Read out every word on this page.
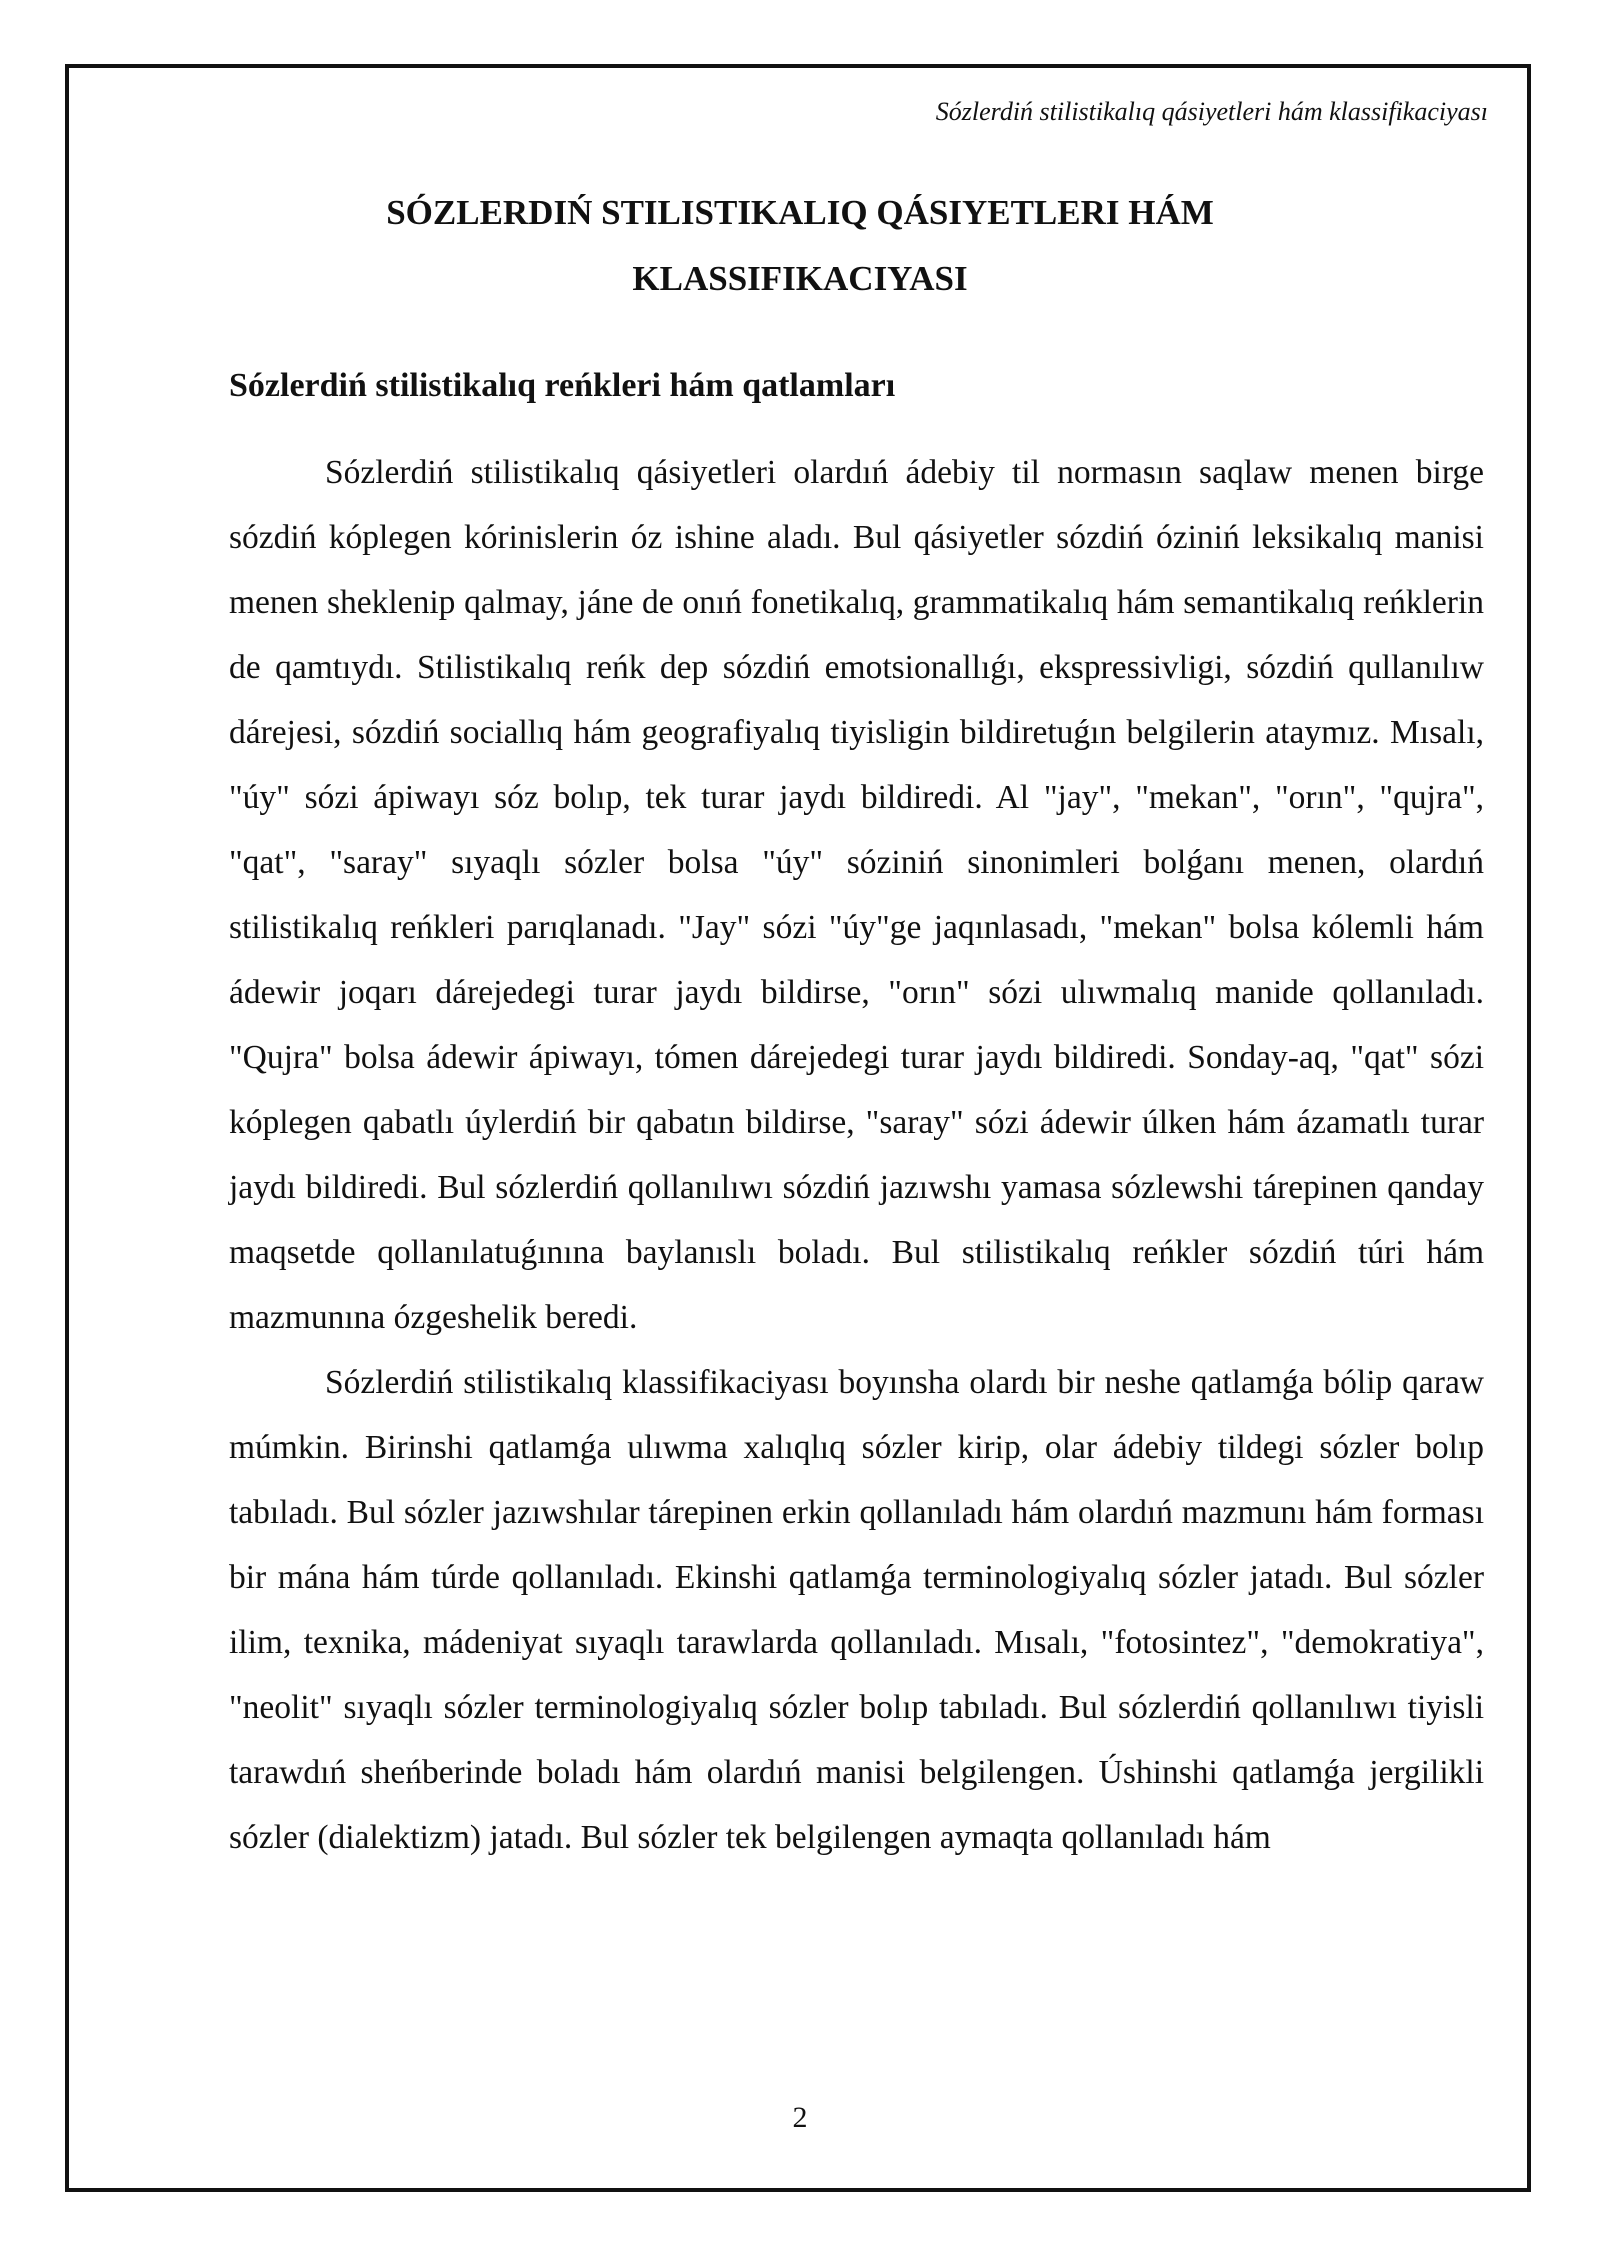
Sózlerdiń stilistikalıq qásiyetleri hám klassifikaciyası
SÓZLERDIŃ STILISTIKALIQ QÁSIYETLERI HÁM
KLASSIFIKACIYASI
Sózlerdiń stilistikalıq reńkleri hám qatlamları

Sózlerdiń stilistikalıq qásiyetleri olardıń ádebiy til normasın saqlaw menen birge sózdiń kóplegen kórinislerin óz ishine aladı. Bul qásiyetler sózdiń óziniń leksikalıq manisi menen sheklenip qalmay, jáne de onıń fonetikalıq, grammatikalıq hám semantikalıq reńklerin de qamtıydı. Stilistikalıq reńk dep sózdiń emotsionallıǵı, ekspressivligi, sózdiń qullanılıw dárejesi, sózdiń sociallıq hám geografiyalıq tiyisligin bildiretuǵın belgilerin ataymız. Mısalı, "úy" sózi ápiwayı sóz bolıp, tek turar jaydı bildiredi. Al "jay", "mekan", "orın", "qujra", "qat", "saray" sıyaqlı sózler bolsa "úy" sóziniń sinonimleri bolǵanı menen, olardıń stilistikalıq reńkleri parıqlanadı. "Jay" sózi "úy"ge jaqınlasadı, "mekan" bolsa kólemli hám ádewir joqarı dárejedegi turar jaydı bildirse, "orın" sózi ulıwmalıq manide qollanıladı. "Qujra" bolsa ádewir ápiwayı, tómen dárejedegi turar jaydı bildiredi. Sonday-aq, "qat" sózi kóplegen qabatlı úylerdiń bir qabatın bildirse, "saray" sózi ádewir úlken hám ázamatlı turar jaydı bildiredi. Bul sózlerdiń qollanılıwı sózdiń jazıwshı yamasa sózlewshi tárepinen qanday maqsetde qollanılatuǵınına baylanıslı boladı. Bul stilistikalıq reńkler sózdiń túri hám mazmunına ózgeshelik beredi.

Sózlerdiń stilistikalıq klassifikaciyası boyınsha olardı bir neshe qatlamǵa bólip qaraw múmkin. Birinshi qatlamǵa ulıwma xalıqlıq sózler kirip, olar ádebiy tildegi sózler bolıp tabıladı. Bul sózler jazıwshılar tárepinen erkin qollanıladı hám olardıń mazmunı hám forması bir mána hám túrde qollanıladı. Ekinshi qatlamǵa terminologiyalıq sózler jatadı. Bul sózler ilim, texnika, mádeniyat sıyaqlı tarawlarda qollanıladı. Mısalı, "fotosintez", "demokratiya", "neolit" sıyaqlı sózler terminologiyalıq sózler bolıp tabıladı. Bul sózlerdiń qollanılıwı tiyisli tarawdıń sheńberinde boladı hám olardıń manisi belgilengen. Úshinshi qatlamǵa jergilikli sózler (dialektizm) jatadı. Bul sózler tek belgilengen aymaqta qollanıladı hám

2
